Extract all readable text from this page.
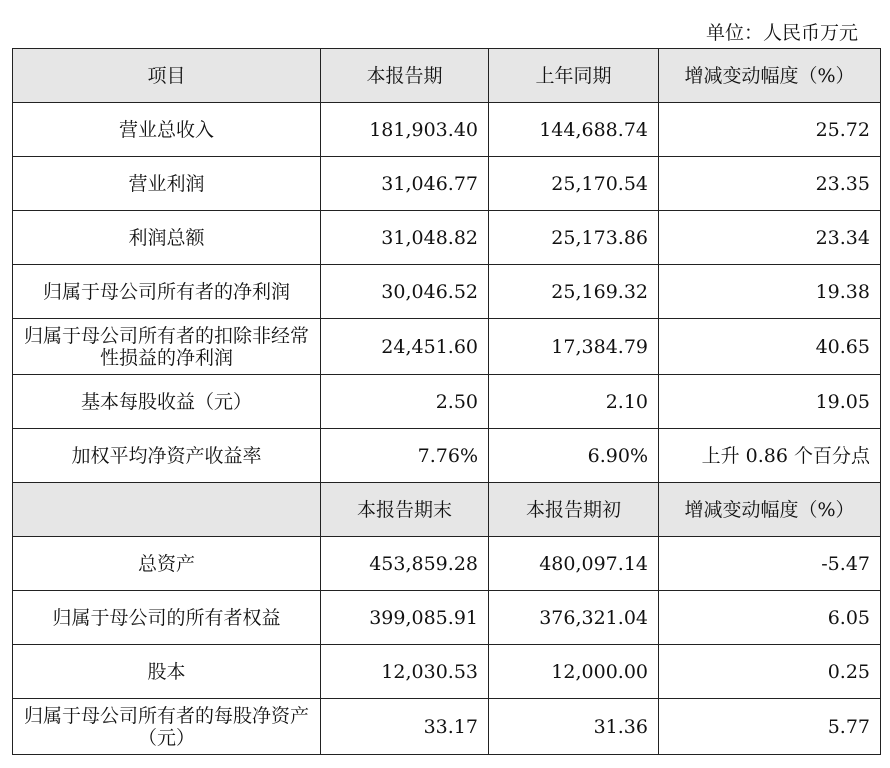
单位：人民币万元
项目	本报告期	上年同期	增减变动幅度（%）
营业总收入	181,903.40	144,688.74	25.72
营业利润	31,046.77	25,170.54	23.35
利润总额	31,048.82	25,173.86	23.34
归属于母公司所有者的净利润	30,046.52	25,169.32	19.38
归属于母公司所有者的扣除非经常性损益的净利润	24,451.60	17,384.79	40.65
基本每股收益（元）	2.50	2.10	19.05
加权平均净资产收益率	7.76%	6.90%	上升 0.86 个百分点
	本报告期末	本报告期初	增减变动幅度（%）
总资产	453,859.28	480,097.14	-5.47
归属于母公司的所有者权益	399,085.91	376,321.04	6.05
股本	12,030.53	12,000.00	0.25
归属于母公司所有者的每股净资产（元）	33.17	31.36	5.77
